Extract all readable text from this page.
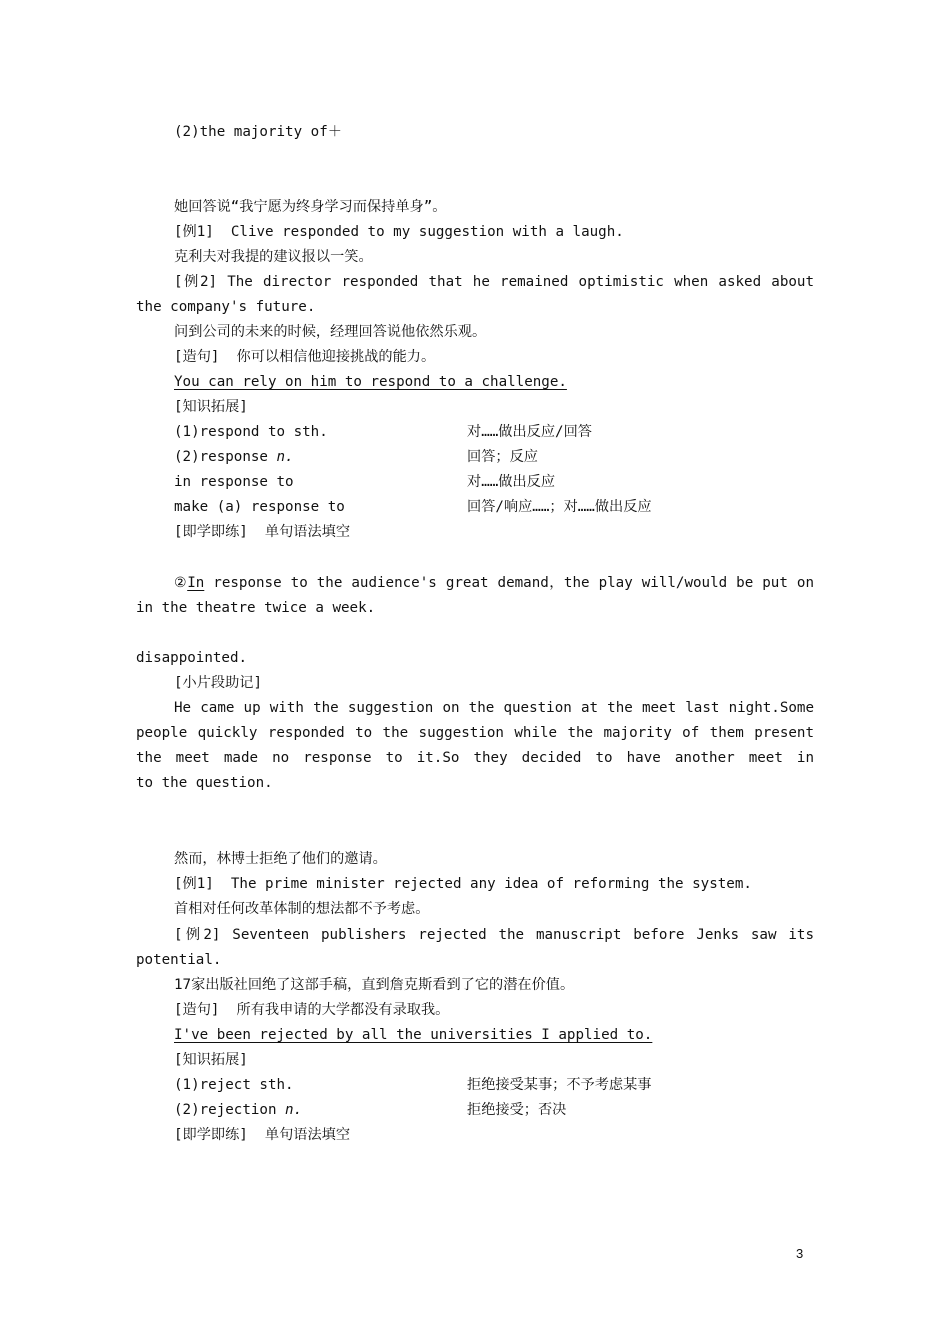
(2)the majority of＋

她回答说“我宁愿为终身学习而保持单身”。
[例1]  Clive responded to my suggestion with a laugh.
克利夫对我提的建议报以一笑。
[例2] The director responded that he remained optimistic when asked about
the company's future.
问到公司的未来的时候，经理回答说他依然乐观。
[造句]  你可以相信他迎接挑战的能力。
You can rely on him to respond to a challenge.
[知识拓展]
(1)respond to sth.	对……做出反应/回答
(2)response n.	回答；反应
in response to	对……做出反应
make (a) response to	回答/响应……；对……做出反应
[即学即练]  单句语法填空

②In response to the audience's great demand，the play will/would be put on
in the theatre twice a week.

disappointed.
[小片段助记]
He came up with the suggestion on the question at the meet last night.Some
people quickly responded to the suggestion while the majority of them present
the meet made no response to it.So they decided to have another meet in
to the question.

然而，林博士拒绝了他们的邀请。
[例1]  The prime minister rejected any idea of reforming the system.
首相对任何改革体制的想法都不予考虑。
[例2] Seventeen publishers rejected the manuscript before Jenks saw its
potential.
17家出版社回绝了这部手稿，直到詹克斯看到了它的潜在价值。
[造句]  所有我申请的大学都没有录取我。
I've been rejected by all the universities I applied to.
[知识拓展]
(1)reject sth.	拒绝接受某事；不予考虑某事
(2)rejection n.	拒绝接受；否决
[即学即练]  单句语法填空

3
